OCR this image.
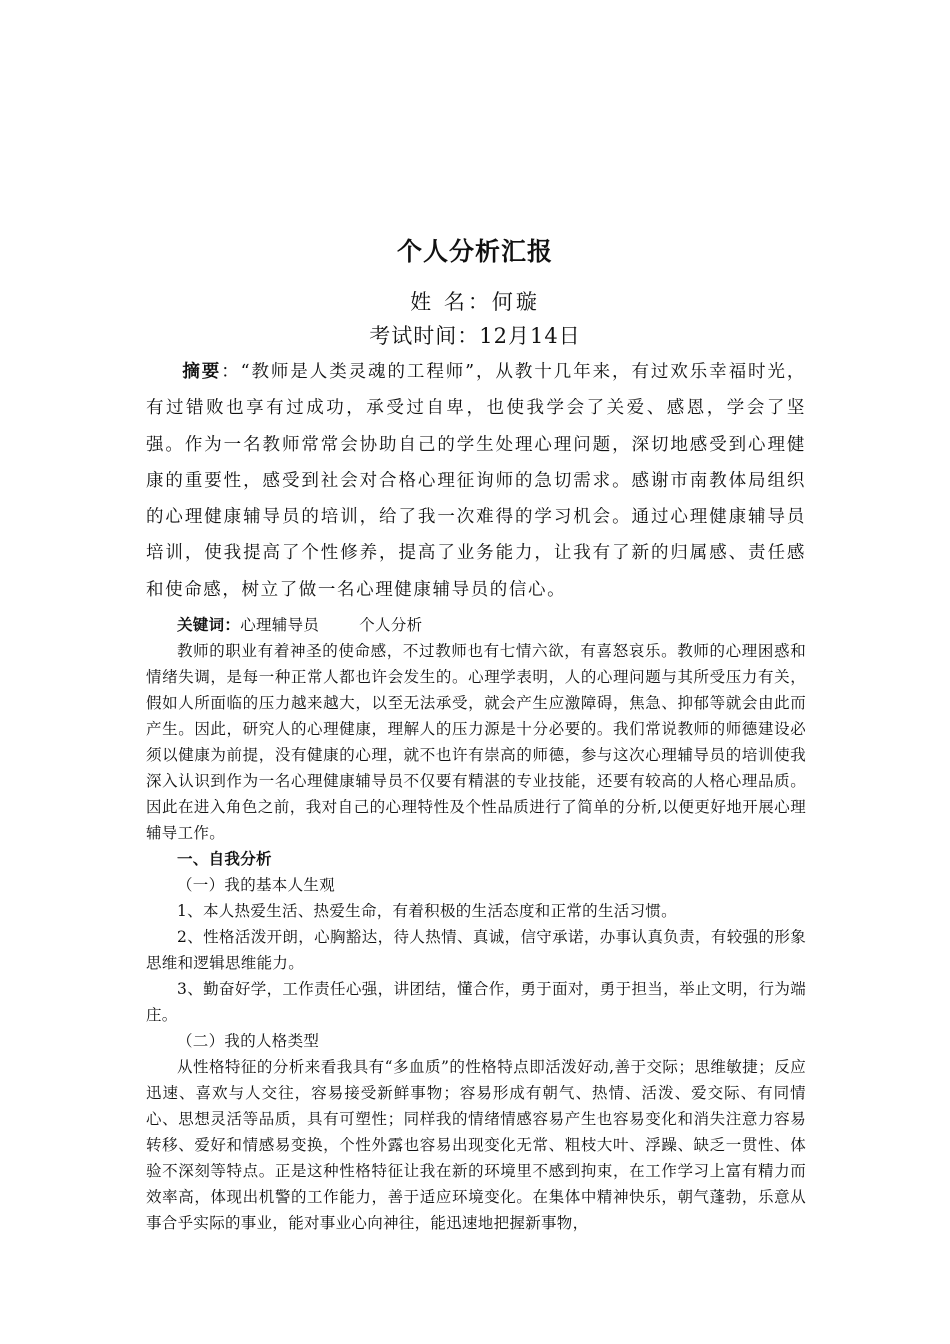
个人分析汇报
姓 名：何璇
考试时间：12月14日

摘要：“教师是人类灵魂的工程师”，从教十几年来，有过欢乐幸福时光，有过错败也享有过成功，承受过自卑，也使我学会了关爱、感恩，学会了坚强。作为一名教师常常会协助自己的学生处理心理问题，深切地感受到心理健康的重要性，感受到社会对合格心理征询师的急切需求。感谢市南教体局组织的心理健康辅导员的培训，给了我一次难得的学习机会。通过心理健康辅导员培训，使我提高了个性修养，提高了业务能力，让我有了新的归属感、责任感和使命感，树立了做一名心理健康辅导员的信心。

关键词：心理辅导员	个人分析

教师的职业有着神圣的使命感，不过教师也有七情六欲，有喜怒哀乐。教师的心理困惑和情绪失调，是每一种正常人都也许会发生的。心理学表明，人的心理问题与其所受压力有关，假如人所面临的压力越来越大，以至无法承受，就会产生应激障碍，焦急、抑郁等就会由此而产生。因此，研究人的心理健康，理解人的压力源是十分必要的。我们常说教师的师德建设必须以健康为前提，没有健康的心理，就不也许有崇高的师德，参与这次心理辅导员的培训使我深入认识到作为一名心理健康辅导员不仅要有精湛的专业技能，还要有较高的人格心理品质。因此在进入角色之前，我对自己的心理特性及个性品质进行了简单的分析,以便更好地开展心理辅导工作。

一、自我分析

（一）我的基本人生观

1、本人热爱生活、热爱生命，有着积极的生活态度和正常的生活习惯。

2、性格活泼开朗，心胸豁达，待人热情、真诚，信守承诺，办事认真负责，有较强的形象思维和逻辑思维能力。

3、勤奋好学，工作责任心强，讲团结，懂合作，勇于面对，勇于担当，举止文明，行为端庄。

（二）我的人格类型

从性格特征的分析来看我具有“多血质”的性格特点即活泼好动,善于交际；思维敏捷；反应迅速、喜欢与人交往，容易接受新鲜事物；容易形成有朝气、热情、活泼、爱交际、有同情心、思想灵活等品质，具有可塑性；同样我的情绪情感容易产生也容易变化和消失注意力容易转移、爱好和情感易变换，个性外露也容易出现变化无常、粗枝大叶、浮躁、缺乏一贯性、体验不深刻等特点。正是这种性格特征让我在新的环境里不感到拘束，在工作学习上富有精力而效率高，体现出机警的工作能力，善于适应环境变化。在集体中精神快乐，朝气蓬勃，乐意从事合乎实际的事业，能对事业心向神往，能迅速地把握新事物，
